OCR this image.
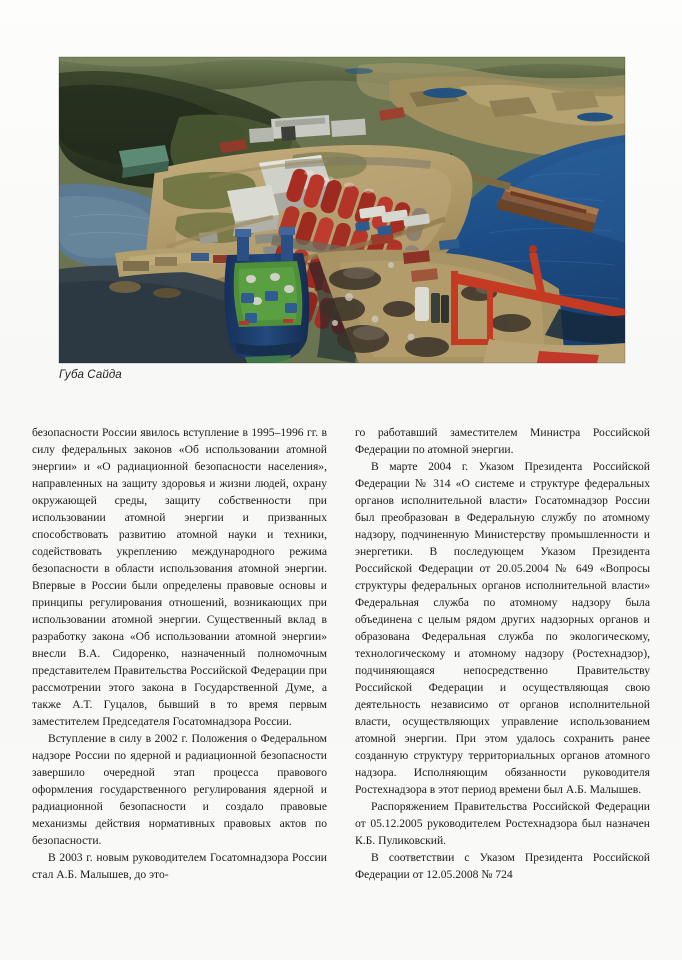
Губа Сайда

безопасности России явилось вступление в 1995–1996 гг. в силу федеральных законов «Об использовании атомной энергии» и «О радиационной безопасности населения», направленных на защиту здоровья и жизни людей, охрану окружающей среды, защиту собственности при использовании атомной энергии и призванных способствовать развитию атомной науки и техники, содействовать укреплению международного режима безопасности в области использования атомной энергии. Впервые в России были определены правовые основы и принципы регулирования отношений, возникающих при использовании атомной энергии. Существенный вклад в разработку закона «Об использовании атомной энергии» внесли В.А. Сидоренко, назначенный полномочным представителем Правительства Российской Федерации при рассмотрении этого закона в Государственной Думе, а также А.Т. Гуцалов, бывший в то время первым заместителем Председателя Госатомнадзора России.

Вступление в силу в 2002 г. Положения о Федеральном надзоре России по ядерной и радиационной безопасности завершило очередной этап процесса правового оформления государственного регулирования ядерной и радиационной безопасности и создало правовые механизмы действия нормативных правовых актов по безопасности.

В 2003 г. новым руководителем Госатомнадзора России стал А.Б. Малышев, до это-

го работавший заместителем Министра Российской Федерации по атомной энергии.

В марте 2004 г. Указом Президента Российской Федерации № 314 «О системе и структуре федеральных органов исполнительной власти» Госатомнадзор России был преобразован в Федеральную службу по атомному надзору, подчиненную Министерству промышленности и энергетики. В последующем Указом Президента Российской Федерации от 20.05.2004 № 649 «Вопросы структуры федеральных органов исполнительной власти» Федеральная служба по атомному надзору была объединена с целым рядом других надзорных органов и образована Федеральная служба по экологическому, технологическому и атомному надзору (Ростехнадзор), подчиняющаяся непосредственно Правительству Российской Федерации и осуществляющая свою деятельность независимо от органов исполнительной власти, осуществляющих управление использованием атомной энергии. При этом удалось сохранить ранее созданную структуру территориальных органов атомного надзора. Исполняющим обязанности руководителя Ростехнадзора в этот период времени был А.Б. Малышев.

Распоряжением Правительства Российской Федерации от 05.12.2005 руководителем Ростехнадзора был назначен К.Б. Пуликовский.

В соответствии с Указом Президента Российской Федерации от 12.05.2008 № 724
